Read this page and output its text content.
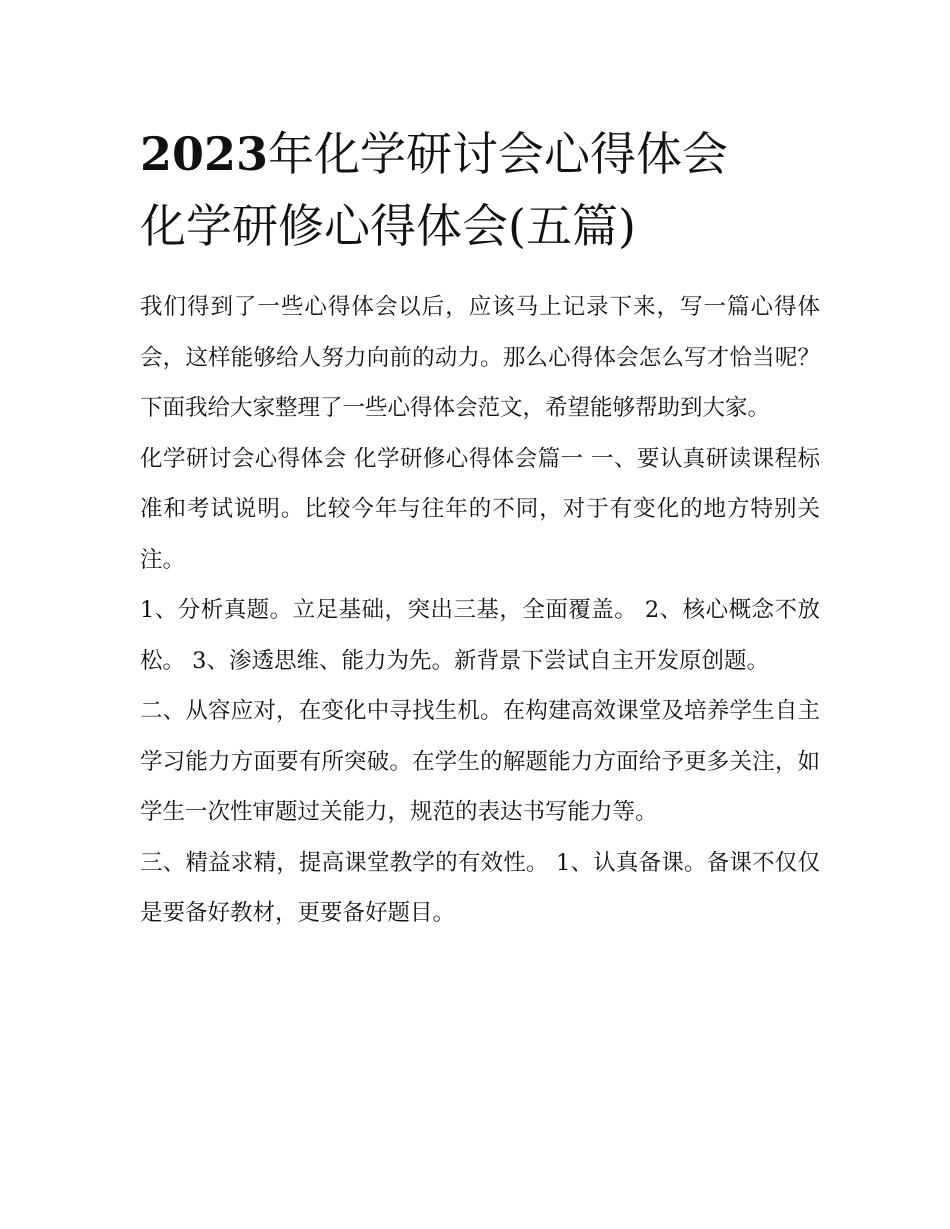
2023年化学研讨会心得体会
化学研修心得体会(五篇)

我们得到了一些心得体会以后，应该马上记录下来，写一篇心得体会，这样能够给人努力向前的动力。那么心得体会怎么写才恰当呢？下面我给大家整理了一些心得体会范文，希望能够帮助到大家。

化学研讨会心得体会 化学研修心得体会篇一 一、要认真研读课程标准和考试说明。比较今年与往年的不同，对于有变化的地方特别关注。

1、分析真题。立足基础，突出三基，全面覆盖。 2、核心概念不放松。 3、渗透思维、能力为先。新背景下尝试自主开发原创题。

二、从容应对，在变化中寻找生机。在构建高效课堂及培养学生自主学习能力方面要有所突破。在学生的解题能力方面给予更多关注，如学生一次性审题过关能力，规范的表达书写能力等。

三、精益求精，提高课堂教学的有效性。 1、认真备课。备课不仅仅是要备好教材，更要备好题目。
